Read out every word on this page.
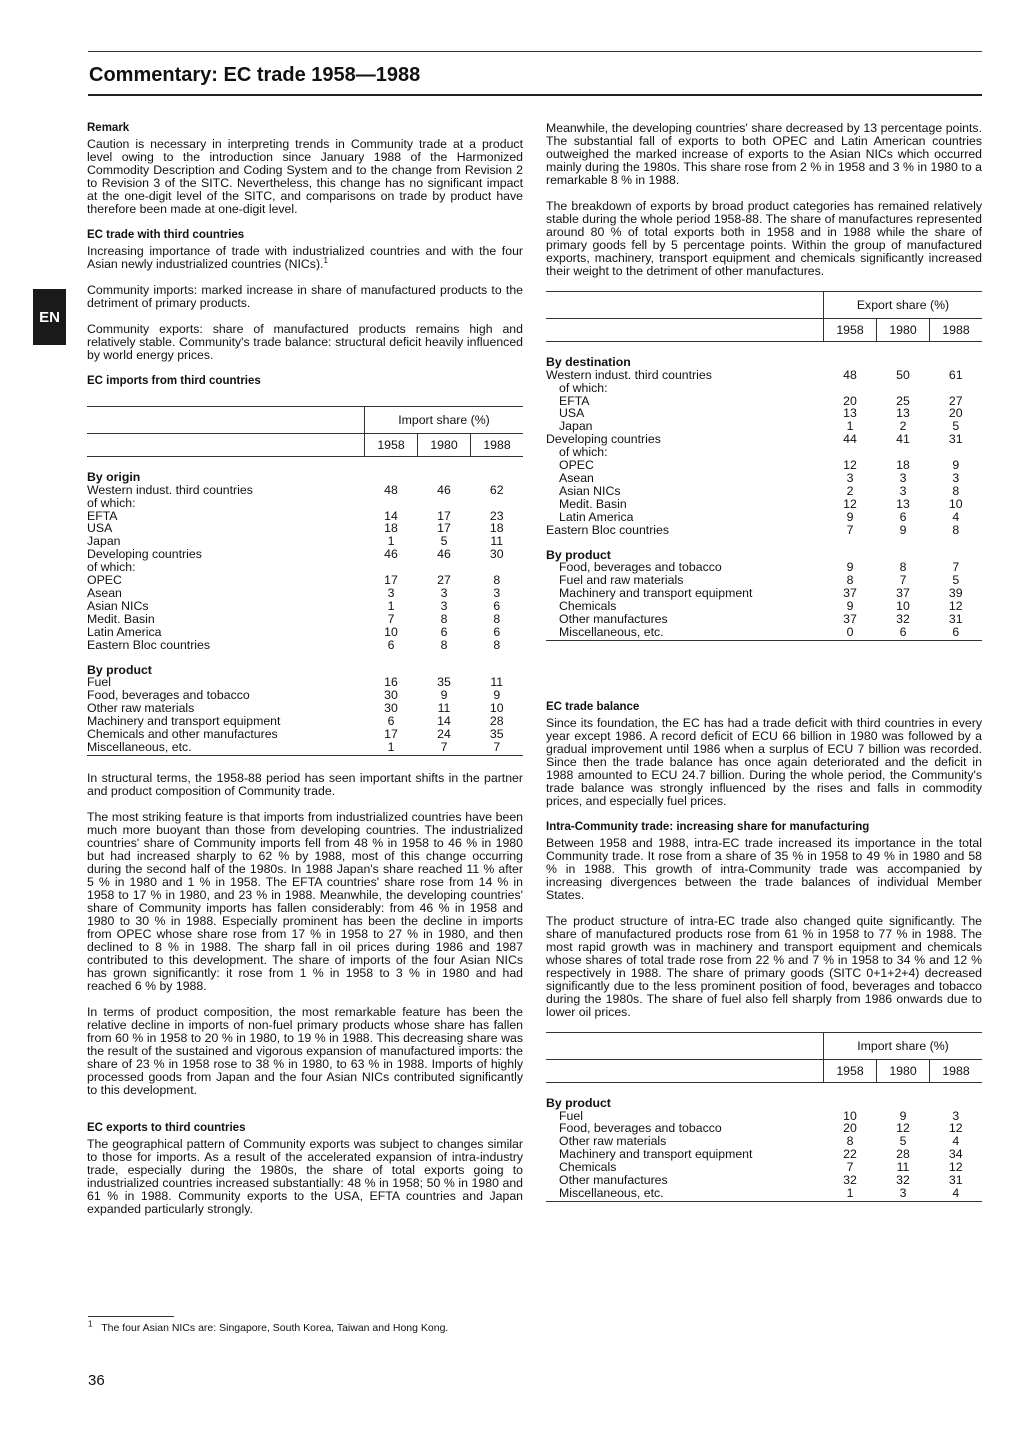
Commentary: EC trade 1958—1988
EN
Remark

Caution is necessary in interpreting trends in Community trade at a product level owing to the introduction since January 1988 of the Harmonized Commodity Description and Coding System and to the change from Revision 2 to Revision 3 of the SITC. Nevertheless, this change has no significant impact at the one-digit level of the SITC, and comparisons on trade by product have therefore been made at one-digit level.

EC trade with third countries

Increasing importance of trade with industrialized countries and with the four Asian newly industrialized countries (NICs).$^1$

Community imports: marked increase in share of manufactured products to the detriment of primary products.

Community exports: share of manufactured products remains high and relatively stable. Community's trade balance: structural deficit heavily influenced by world energy prices.

EC imports from third countries

	Import share (%)		
	1958	1980	1988
By origin			
Western indust. third countries	48	46	62
of which:			
EFTA	14	17	23
USA	18	17	18
Japan	1	5	11
Developing countries	46	46	30
of which:			
OPEC	17	27	8
Asean	3	3	3
Asian NICs	1	3	6
Medit. Basin	7	8	8
Latin America	10	6	6
Eastern Bloc countries	6	8	8
By product			
Fuel	16	35	11
Food, beverages and tobacco	30	9	9
Other raw materials	30	11	10
Machinery and transport equipment	6	14	28
Chemicals and other manufactures	17	24	35
Miscellaneous, etc.	1	7	7

In structural terms, the 1958-88 period has seen important shifts in the partner and product composition of Community trade.

The most striking feature is that imports from industrialized countries have been much more buoyant than those from developing countries. The industrialized countries' share of Community imports fell from 48 % in 1958 to 46 % in 1980 but had increased sharply to 62 % by 1988, most of this change occurring during the second half of the 1980s. In 1988 Japan's share reached 11 % after 5 % in 1980 and 1 % in 1958. The EFTA countries' share rose from 14 % in 1958 to 17 % in 1980, and 23 % in 1988. Meanwhile, the developing countries' share of Community imports has fallen considerably: from 46 % in 1958 and 1980 to 30 % in 1988. Especially prominent has been the decline in imports from OPEC whose share rose from 17 % in 1958 to 27 % in 1980, and then declined to 8 % in 1988. The sharp fall in oil prices during 1986 and 1987 contributed to this development. The share of imports of the four Asian NICs has grown significantly: it rose from 1 % in 1958 to 3 % in 1980 and had reached 6 % by 1988.

In terms of product composition, the most remarkable feature has been the relative decline in imports of non-fuel primary products whose share has fallen from 60 % in 1958 to 20 % in 1980, to 19 % in 1988. This decreasing share was the result of the sustained and vigorous expansion of manufactured imports: the share of 23 % in 1958 rose to 38 % in 1980, to 63 % in 1988. Imports of highly processed goods from Japan and the four Asian NICs contributed significantly to this development.

EC exports to third countries

The geographical pattern of Community exports was subject to changes similar to those for imports. As a result of the accelerated expansion of intra-industry trade, especially during the 1980s, the share of total exports going to industrialized countries increased substantially: 48 % in 1958; 50 % in 1980 and 61 % in 1988. Community exports to the USA, EFTA countries and Japan expanded particularly strongly.

Meanwhile, the developing countries' share decreased by 13 percentage points. The substantial fall of exports to both OPEC and Latin American countries outweighed the marked increase of exports to the Asian NICs which occurred mainly during the 1980s. This share rose from 2 % in 1958 and 3 % in 1980 to a remarkable 8 % in 1988.

The breakdown of exports by broad product categories has remained relatively stable during the whole period 1958-88. The share of manufactures represented around 80 % of total exports both in 1958 and in 1988 while the share of primary goods fell by 5 percentage points. Within the group of manufactured exports, machinery, transport equipment and chemicals significantly increased their weight to the detriment of other manufactures.

	Export share (%)		
	1958	1980	1988
By destination			
Western indust. third countries	48	50	61
of which:			
EFTA	20	25	27
USA	13	13	20
Japan	1	2	5
Developing countries	44	41	31
of which:			
OPEC	12	18	9
Asean	3	3	3
Asian NICs	2	3	8
Medit. Basin	12	13	10
Latin America	9	6	4
Eastern Bloc countries	7	9	8
By product			
Food, beverages and tobacco	9	8	7
Fuel and raw materials	8	7	5
Machinery and transport equipment	37	37	39
Chemicals	9	10	12
Other manufactures	37	32	31
Miscellaneous, etc.	0	6	6
EC trade balance

Since its foundation, the EC has had a trade deficit with third countries in every year except 1986. A record deficit of ECU 66 billion in 1980 was followed by a gradual improvement until 1986 when a surplus of ECU 7 billion was recorded. Since then the trade balance has once again deteriorated and the deficit in 1988 amounted to ECU 24.7 billion. During the whole period, the Community's trade balance was strongly influenced by the rises and falls in commodity prices, and especially fuel prices.

Intra-Community trade: increasing share for manufacturing

Between 1958 and 1988, intra-EC trade increased its importance in the total Community trade. It rose from a share of 35 % in 1958 to 49 % in 1980 and 58 % in 1988. This growth of intra-Community trade was accompanied by increasing divergences between the trade balances of individual Member States.

The product structure of intra-EC trade also changed quite significantly. The share of manufactured products rose from 61 % in 1958 to 77 % in 1988. The most rapid growth was in machinery and transport equipment and chemicals whose shares of total trade rose from 22 % and 7 % in 1958 to 34 % and 12 % respectively in 1988. The share of primary goods (SITC 0+1+2+4) decreased significantly due to the less prominent position of food, beverages and tobacco during the 1980s. The share of fuel also fell sharply from 1986 onwards due to lower oil prices.

	Import share (%)		
	1958	1980	1988
By product			
Fuel	10	9	3
Food, beverages and tobacco	20	12	12
Other raw materials	8	5	4
Machinery and transport equipment	22	28	34
Chemicals	7	11	12
Other manufactures	32	32	31
Miscellaneous, etc.	1	3	4
$^1$ The four Asian NICs are: Singapore, South Korea, Taiwan and Hong Kong.
36
